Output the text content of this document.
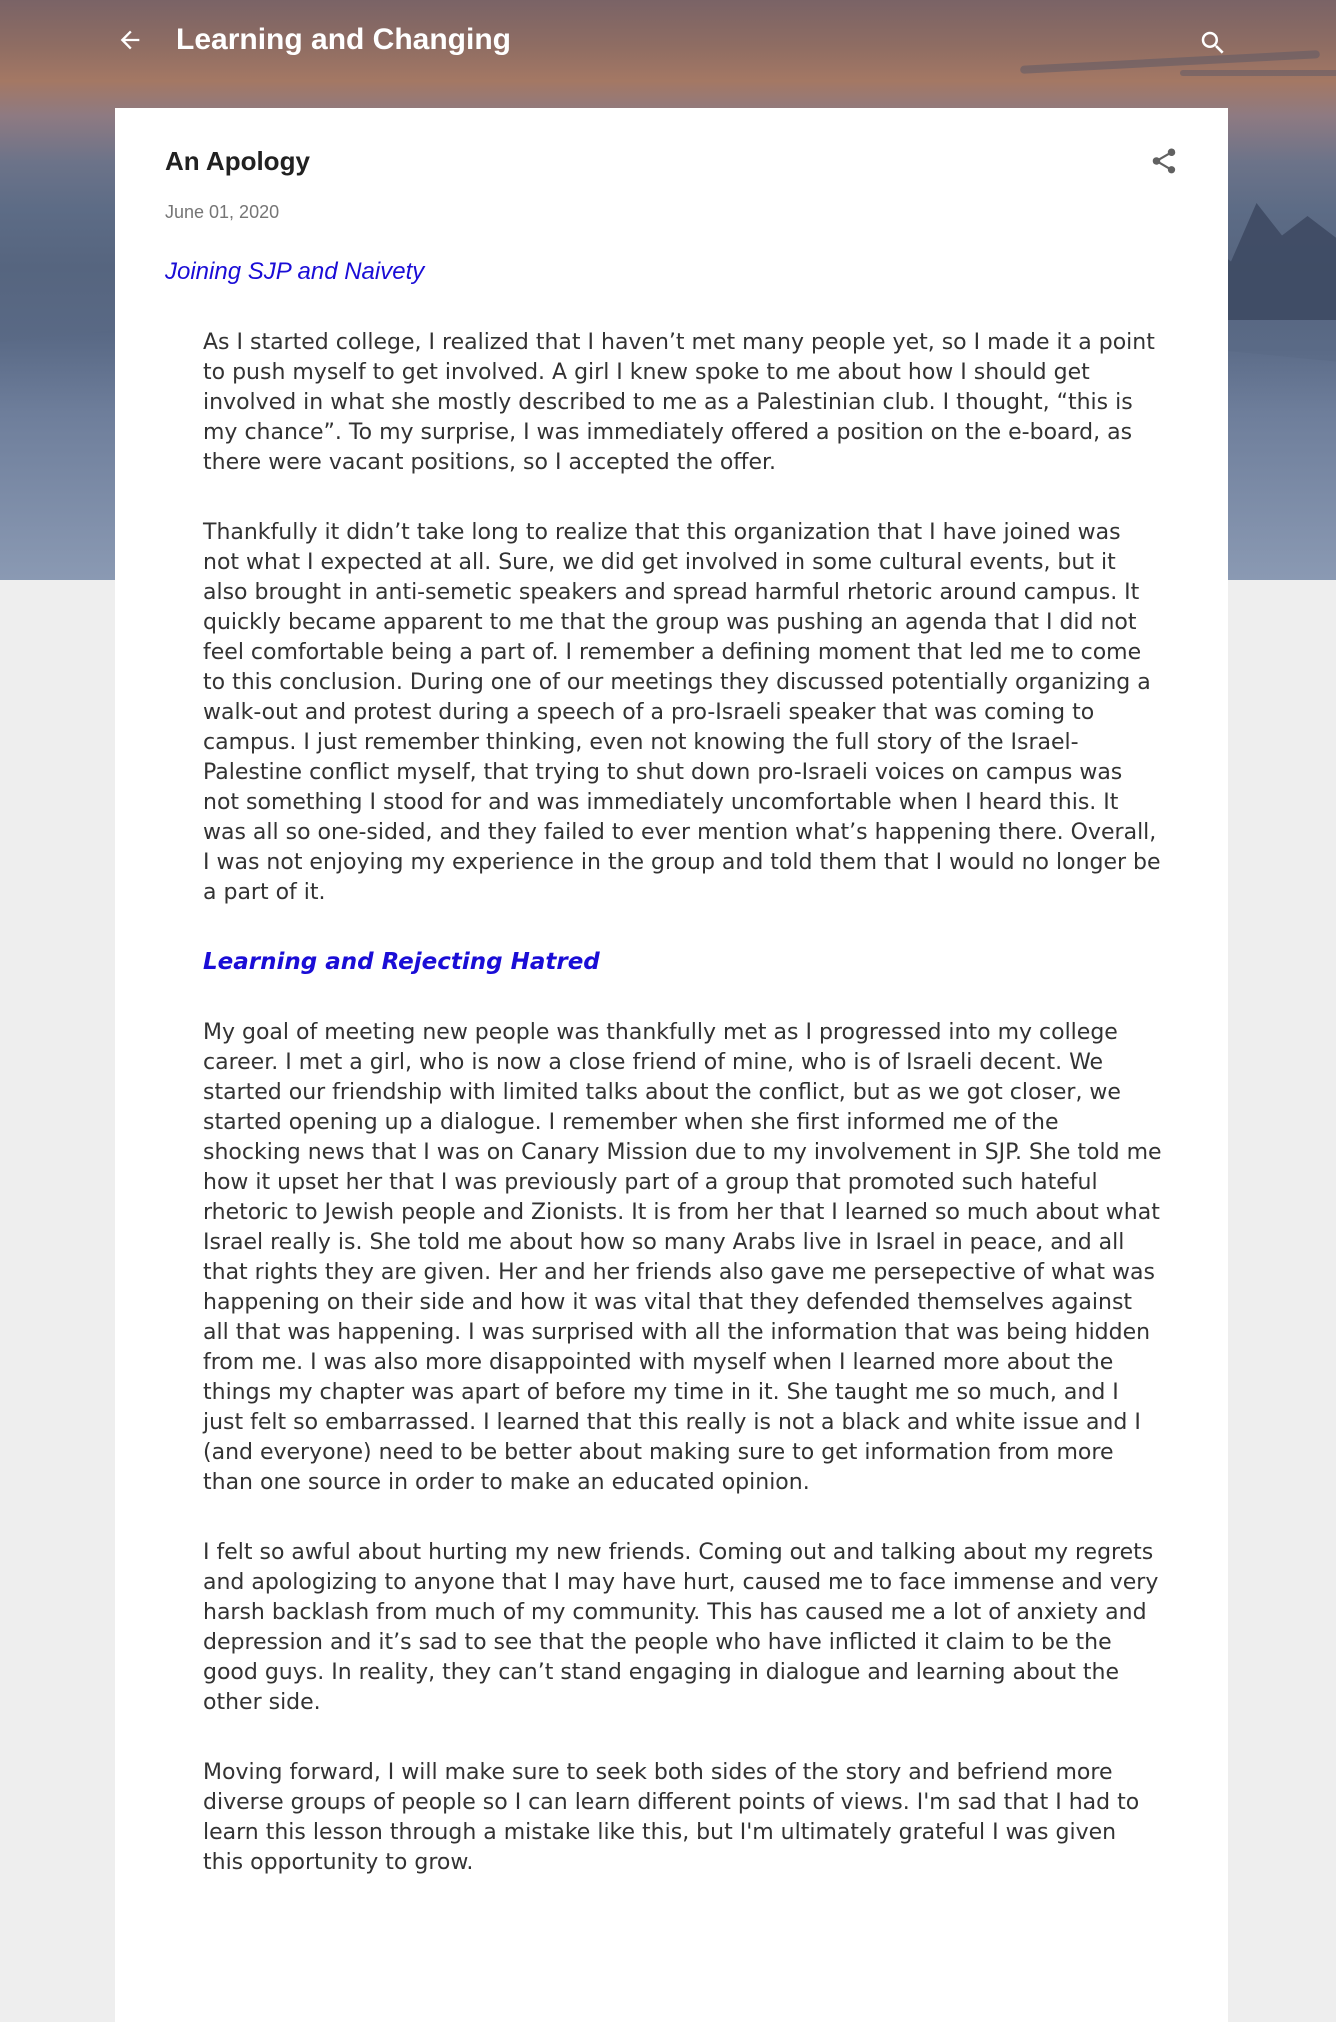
Learning and Changing
An Apology
June 01, 2020
Joining SJP and Naivety

As I started college, I realized that I haven’t met many people yet, so I made it a point to push myself to get involved. A girl I knew spoke to me about how I should get involved in what she mostly described to me as a Palestinian club. I thought, “this is my chance”. To my surprise, I was immediately offered a position on the e-board, as there were vacant positions, so I accepted the offer.

Thankfully it didn’t take long to realize that this organization that I have joined was not what I expected at all. Sure, we did get involved in some cultural events, but it also brought in anti-semetic speakers and spread harmful rhetoric around campus. It quickly became apparent to me that the group was pushing an agenda that I did not feel comfortable being a part of. I remember a defining moment that led me to come to this conclusion. During one of our meetings they discussed potentially organizing a walk-out and protest during a speech of a pro-Israeli speaker that was coming to campus. I just remember thinking, even not knowing the full story of the Israel-Palestine conflict myself, that trying to shut down pro-Israeli voices on campus was not something I stood for and was immediately uncomfortable when I heard this. It was all so one-sided, and they failed to ever mention what’s happening there. Overall, I was not enjoying my experience in the group and told them that I would no longer be a part of it.

Learning and Rejecting Hatred

My goal of meeting new people was thankfully met as I progressed into my college career. I met a girl, who is now a close friend of mine, who is of Israeli decent. We started our friendship with limited talks about the conflict, but as we got closer, we started opening up a dialogue. I remember when she first informed me of the shocking news that I was on Canary Mission due to my involvement in SJP. She told me how it upset her that I was previously part of a group that promoted such hateful rhetoric to Jewish people and Zionists. It is from her that I learned so much about what Israel really is. She told me about how so many Arabs live in Israel in peace, and all that rights they are given. Her and her friends also gave me persepective of what was happening on their side and how it was vital that they defended themselves against all that was happening. I was surprised with all the information that was being hidden from me. I was also more disappointed with myself when I learned more about the things my chapter was apart of before my time in it. She taught me so much, and I just felt so embarrassed. I learned that this really is not a black and white issue and I (and everyone) need to be better about making sure to get information from more than one source in order to make an educated opinion.

I felt so awful about hurting my new friends. Coming out and talking about my regrets and apologizing to anyone that I may have hurt, caused me to face immense and very harsh backlash from much of my community. This has caused me a lot of anxiety and depression and it’s sad to see that the people who have inflicted it claim to be the good guys. In reality, they can’t stand engaging in dialogue and learning about the other side.

Moving forward, I will make sure to seek both sides of the story and befriend more diverse groups of people so I can learn different points of views. I'm sad that I had to learn this lesson through a mistake like this, but I'm ultimately grateful I was given this opportunity to grow.
